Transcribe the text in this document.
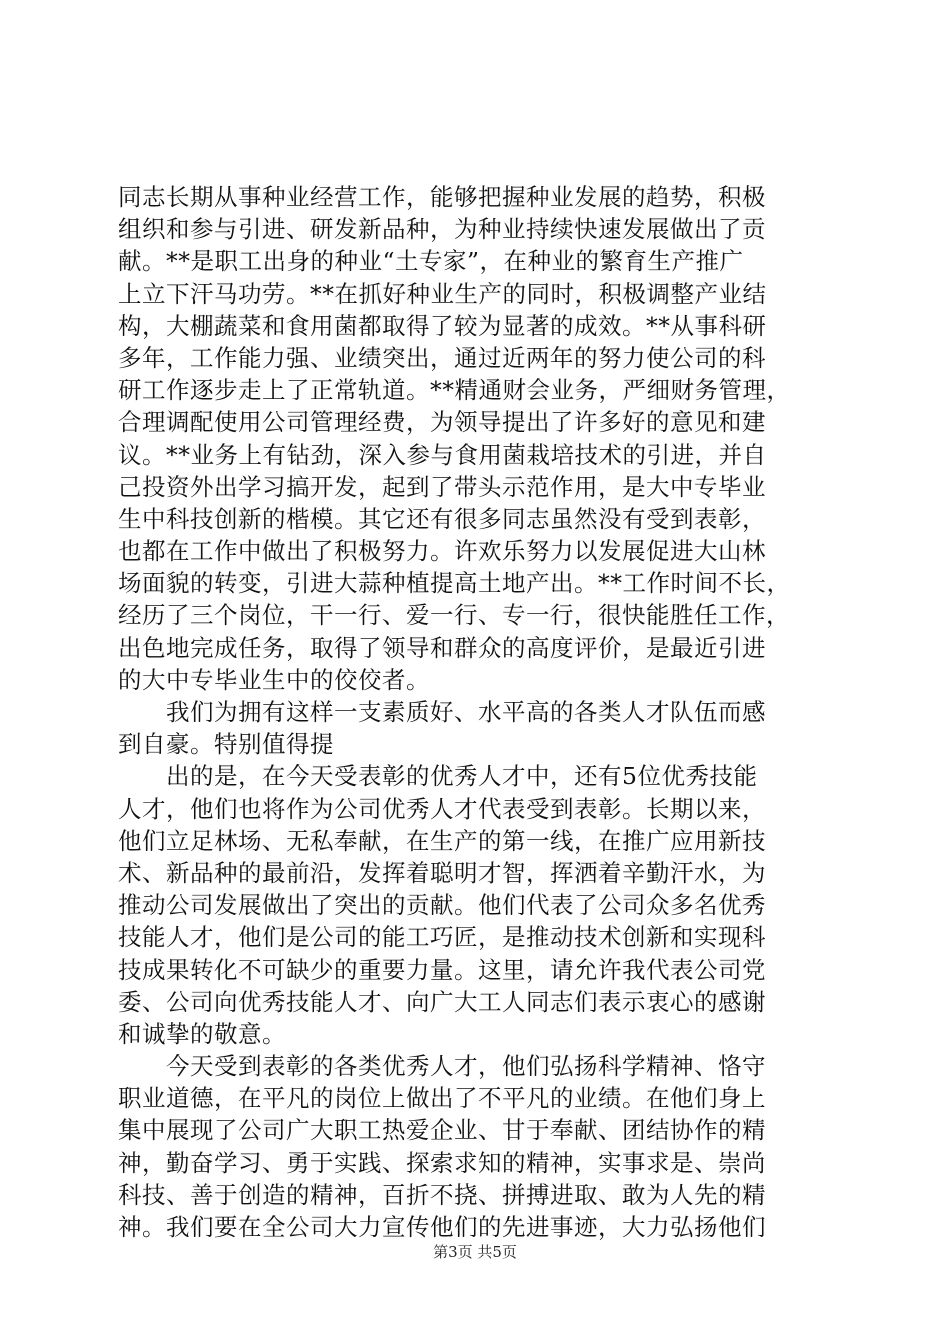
同志长期从事种业经营工作，能够把握种业发展的趋势，积极
组织和参与引进、研发新品种，为种业持续快速发展做出了贡
献。**是职工出身的种业“土专家”，在种业的繁育生产推广
上立下汗马功劳。**在抓好种业生产的同时，积极调整产业结
构，大棚蔬菜和食用菌都取得了较为显著的成效。**从事科研
多年，工作能力强、业绩突出，通过近两年的努力使公司的科
研工作逐步走上了正常轨道。**精通财会业务，严细财务管理，
合理调配使用公司管理经费，为领导提出了许多好的意见和建
议。**业务上有钻劲，深入参与食用菌栽培技术的引进，并自
己投资外出学习搞开发，起到了带头示范作用，是大中专毕业
生中科技创新的楷模。其它还有很多同志虽然没有受到表彰，
也都在工作中做出了积极努力。许欢乐努力以发展促进大山林
场面貌的转变，引进大蒜种植提高土地产出。**工作时间不长，
经历了三个岗位，干一行、爱一行、专一行，很快能胜任工作，
出色地完成任务，取得了领导和群众的高度评价，是最近引进
的大中专毕业生中的佼佼者。
　　我们为拥有这样一支素质好、水平高的各类人才队伍而感
到自豪。特别值得提
　　出的是，在今天受表彰的优秀人才中，还有5位优秀技能
人才，他们也将作为公司优秀人才代表受到表彰。长期以来，
他们立足林场、无私奉献，在生产的第一线，在推广应用新技
术、新品种的最前沿，发挥着聪明才智，挥洒着辛勤汗水，为
推动公司发展做出了突出的贡献。他们代表了公司众多名优秀
技能人才，他们是公司的能工巧匠，是推动技术创新和实现科
技成果转化不可缺少的重要力量。这里，请允许我代表公司党
委、公司向优秀技能人才、向广大工人同志们表示衷心的感谢
和诚挚的敬意。
　　今天受到表彰的各类优秀人才，他们弘扬科学精神、恪守
职业道德，在平凡的岗位上做出了不平凡的业绩。在他们身上
集中展现了公司广大职工热爱企业、甘于奉献、团结协作的精
神，勤奋学习、勇于实践、探索求知的精神，实事求是、崇尚
科技、善于创造的精神，百折不挠、拼搏进取、敢为人先的精
神。我们要在全公司大力宣传他们的先进事迹，大力弘扬他们
第3页 共5页
